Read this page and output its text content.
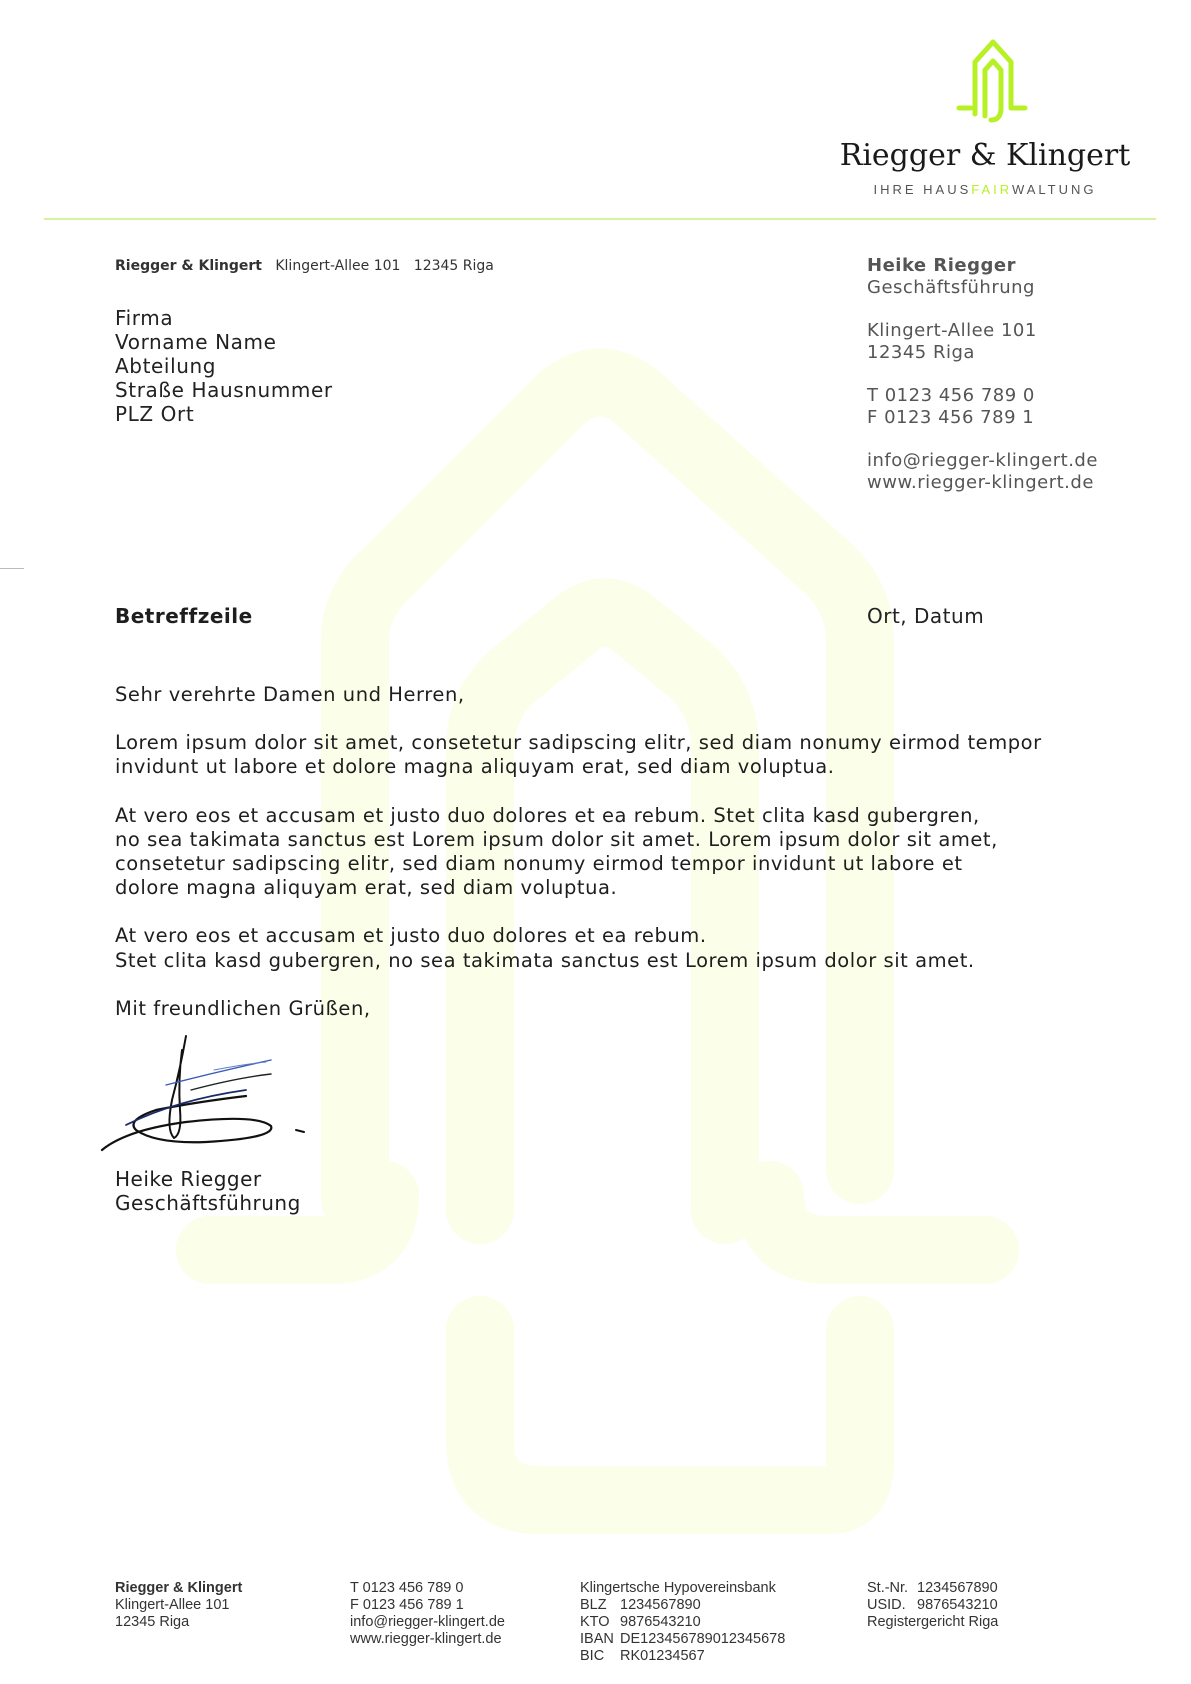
Riegger & Klingert
IHRE HAUSFAIRWALTUNG
Riegger & Klingert Klingert-Allee 101 12345 Riga
Firma
Vorname Name
Abteilung
Straße Hausnummer
PLZ Ort
Heike Riegger
Geschäftsführung
Klingert-Allee 101
12345 Riga
T 0123 456 789 0
F 0123 456 789 1
info@riegger-klingert.de
www.riegger-klingert.de
Betreffzeile	Ort, Datum

Sehr verehrte Damen und Herren,

Lorem ipsum dolor sit amet, consetetur sadipscing elitr, sed diam nonumy eirmod tempor
invidunt ut labore et dolore magna aliquyam erat, sed diam voluptua.

At vero eos et accusam et justo duo dolores et ea rebum. Stet clita kasd gubergren,
no sea takimata sanctus est Lorem ipsum dolor sit amet. Lorem ipsum dolor sit amet,
consetetur sadipscing elitr, sed diam nonumy eirmod tempor invidunt ut labore et
dolore magna aliquyam erat, sed diam voluptua.

At vero eos et accusam et justo duo dolores et ea rebum.
Stet clita kasd gubergren, no sea takimata sanctus est Lorem ipsum dolor sit amet.

Mit freundlichen Grüßen,

Heike Riegger
Geschäftsführung
Riegger & Klingert
Klingert-Allee 101
12345 Riga
T 0123 456 789 0
F 0123 456 789 1
info@riegger-klingert.de
www.riegger-klingert.de
Klingertsche Hypovereinsbank
BLZ 1234567890
KTO 9876543210
IBAN DE123456789012345678
BIC RK01234567
St.-Nr. 1234567890
USID. 9876543210
Registergericht Riga
